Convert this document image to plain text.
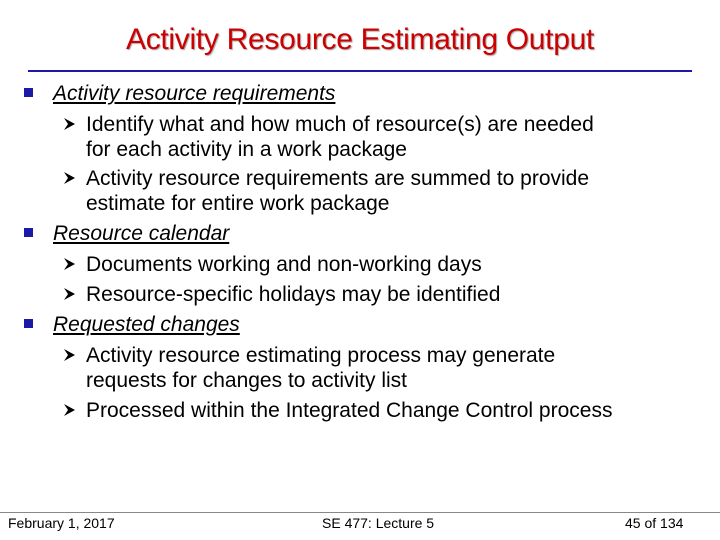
Activity Resource Estimating Output
Activity resource requirements
Identify what and how much of resource(s) are needed
for each activity in a work package
Activity resource requirements are summed to provide
estimate for entire work package
Resource calendar
Documents working and non-working days
Resource-specific holidays may be identified
Requested changes
Activity resource estimating process may generate
requests for changes to activity list
Processed within the Integrated Change Control process
February 1, 2017	SE 477: Lecture 5	45 of 134
